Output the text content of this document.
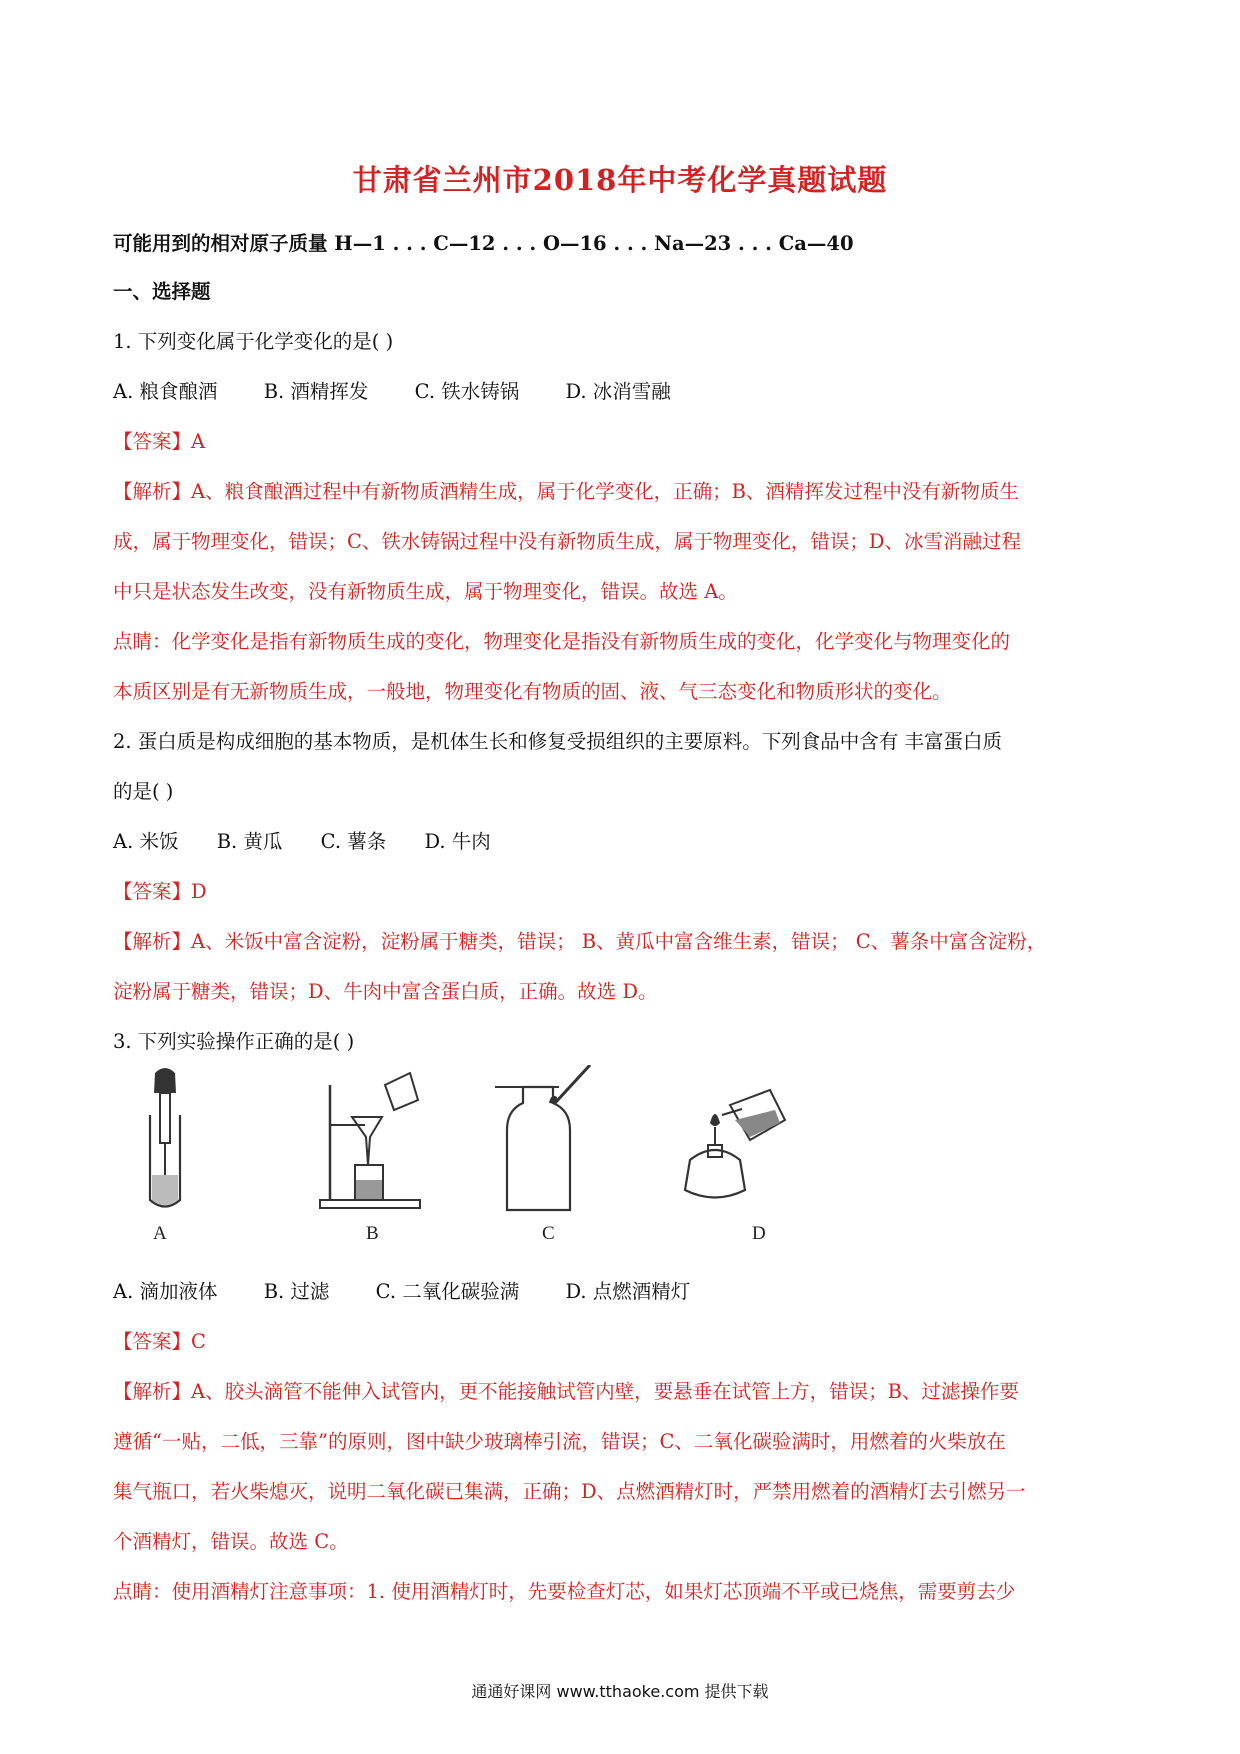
甘肃省兰州市2018年中考化学真题试题
可能用到的相对原子质量 H—1 . . . C—12 . . . O—16 . . . Na—23 . . . Ca—40
一、选择题
1. 下列变化属于化学变化的是( )
A. 粮食酿酒 B. 酒精挥发 C. 铁水铸锅 D. 冰消雪融
【答案】A
【解析】A、粮食酿酒过程中有新物质酒精生成，属于化学变化，正确；B、酒精挥发过程中没有新物质生
成，属于物理变化，错误；C、铁水铸锅过程中没有新物质生成，属于物理变化，错误；D、冰雪消融过程
中只是状态发生改变，没有新物质生成，属于物理变化，错误。故选 A。
点睛：化学变化是指有新物质生成的变化，物理变化是指没有新物质生成的变化，化学变化与物理变化的
本质区别是有无新物质生成，一般地，物理变化有物质的固、液、气三态变化和物质形状的变化。
2. 蛋白质是构成细胞的基本物质，是机体生长和修复受损组织的主要原料。下列食品中含有 丰富蛋白质
的是( )
A. 米饭 B. 黄瓜 C. 薯条 D. 牛肉
【答案】D
【解析】A、米饭中富含淀粉，淀粉属于糖类，错误； B、黄瓜中富含维生素，错误； C、薯条中富含淀粉，
淀粉属于糖类，错误；D、牛肉中富含蛋白质，正确。故选 D。
3. 下列实验操作正确的是( )
A	B	C	D
A. 滴加液体 B. 过滤 C. 二氧化碳验满 D. 点燃酒精灯
【答案】C
【解析】A、胶头滴管不能伸入试管内，更不能接触试管内壁，要悬垂在试管上方，错误；B、过滤操作要
遵循“一贴，二低，三靠”的原则，图中缺少玻璃棒引流，错误；C、二氧化碳验满时，用燃着的火柴放在
集气瓶口，若火柴熄灭，说明二氧化碳已集满，正确；D、点燃酒精灯时，严禁用燃着的酒精灯去引燃另一
个酒精灯，错误。故选 C。
点睛：使用酒精灯注意事项：1. 使用酒精灯时，先要检查灯芯，如果灯芯顶端不平或已烧焦，需要剪去少
通通好课网 www.tthaoke.com 提供下载
